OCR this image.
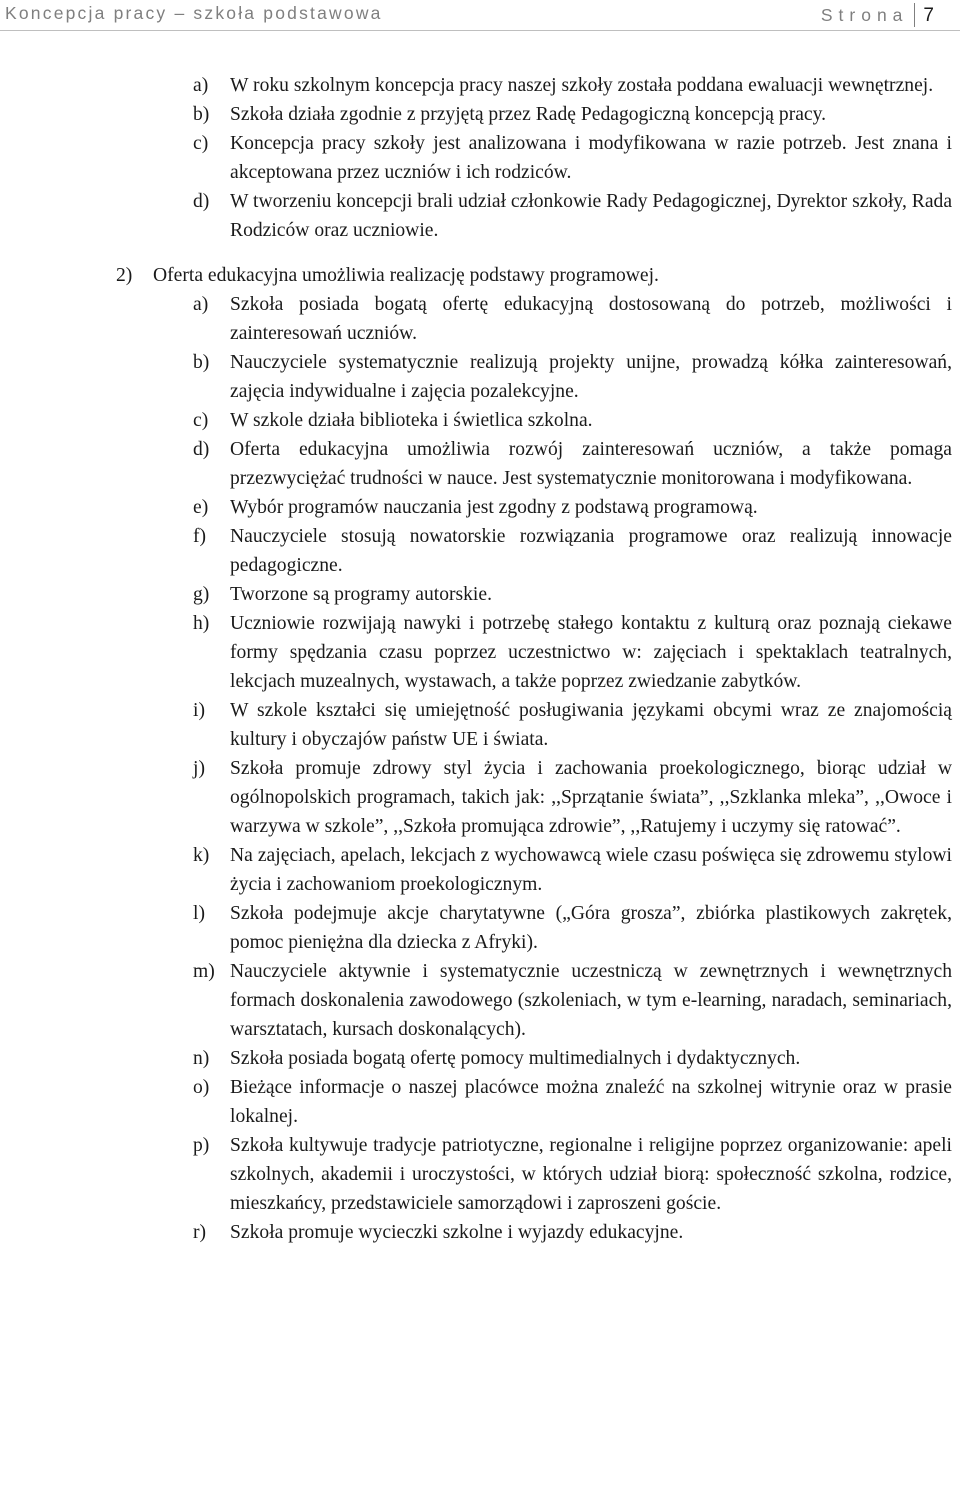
Koncepcja pracy – szkoła podstawowa	Strona 7
a) W roku szkolnym koncepcja pracy naszej szkoły została poddana ewaluacji wewnętrznej.
b) Szkoła działa zgodnie z przyjętą przez Radę Pedagogiczną koncepcją pracy.
c) Koncepcja pracy szkoły jest analizowana i modyfikowana w razie potrzeb. Jest znana i akceptowana przez uczniów i ich rodziców.
d) W tworzeniu koncepcji brali udział członkowie Rady Pedagogicznej, Dyrektor szkoły, Rada Rodziców oraz uczniowie.
2) Oferta edukacyjna umożliwia realizację podstawy programowej.
a) Szkoła posiada bogatą ofertę edukacyjną dostosowaną do potrzeb, możliwości i zainteresowań uczniów.
b) Nauczyciele systematycznie realizują projekty unijne, prowadzą kółka zainteresowań, zajęcia indywidualne i zajęcia pozalekcyjne.
c) W szkole działa biblioteka i świetlica szkolna.
d) Oferta edukacyjna umożliwia rozwój zainteresowań uczniów, a także pomaga przezwyciężać trudności w nauce. Jest systematycznie monitorowana i modyfikowana.
e) Wybór programów nauczania jest zgodny z podstawą programową.
f) Nauczyciele stosują nowatorskie rozwiązania programowe oraz realizują innowacje pedagogiczne.
g) Tworzone są programy autorskie.
h) Uczniowie rozwijają nawyki i potrzebę stałego kontaktu z kulturą oraz poznają ciekawe formy spędzania czasu poprzez uczestnictwo w: zajęciach i spektaklach teatralnych, lekcjach muzealnych, wystawach, a także poprzez zwiedzanie zabytków.
i) W szkole kształci się umiejętność posługiwania językami obcymi wraz ze znajomością kultury i obyczajów państw UE i świata.
j) Szkoła promuje zdrowy styl życia i zachowania proekologicznego, biorąc udział w ogólnopolskich programach, takich jak: ,,Sprzątanie świata”, ,,Szklanka mleka”, ,,Owoce i warzywa w szkole”, ,,Szkoła promująca zdrowie”, ,,Ratujemy i uczymy się ratować”.
k) Na zajęciach, apelach, lekcjach z wychowawcą wiele czasu poświęca się zdrowemu stylowi życia i zachowaniom proekologicznym.
l) Szkoła podejmuje akcje charytatywne („Góra grosza”, zbiórka plastikowych zakrętek, pomoc pieniężna dla dziecka z Afryki).
m) Nauczyciele aktywnie i systematycznie uczestniczą w zewnętrznych i wewnętrznych formach doskonalenia zawodowego (szkoleniach, w tym e-learning, naradach, seminariach, warsztatach, kursach doskonalących).
n) Szkoła posiada bogatą ofertę pomocy multimedialnych i dydaktycznych.
o) Bieżące informacje o naszej placówce można znaleźć na szkolnej witrynie oraz w prasie lokalnej.
p) Szkoła kultywuje tradycje patriotyczne, regionalne i religijne poprzez organizowanie: apeli szkolnych, akademii i uroczystości, w których udział biorą: społeczność szkolna, rodzice, mieszkańcy, przedstawiciele samorządowi i zaproszeni goście.
r) Szkoła promuje wycieczki szkolne i wyjazdy edukacyjne.
